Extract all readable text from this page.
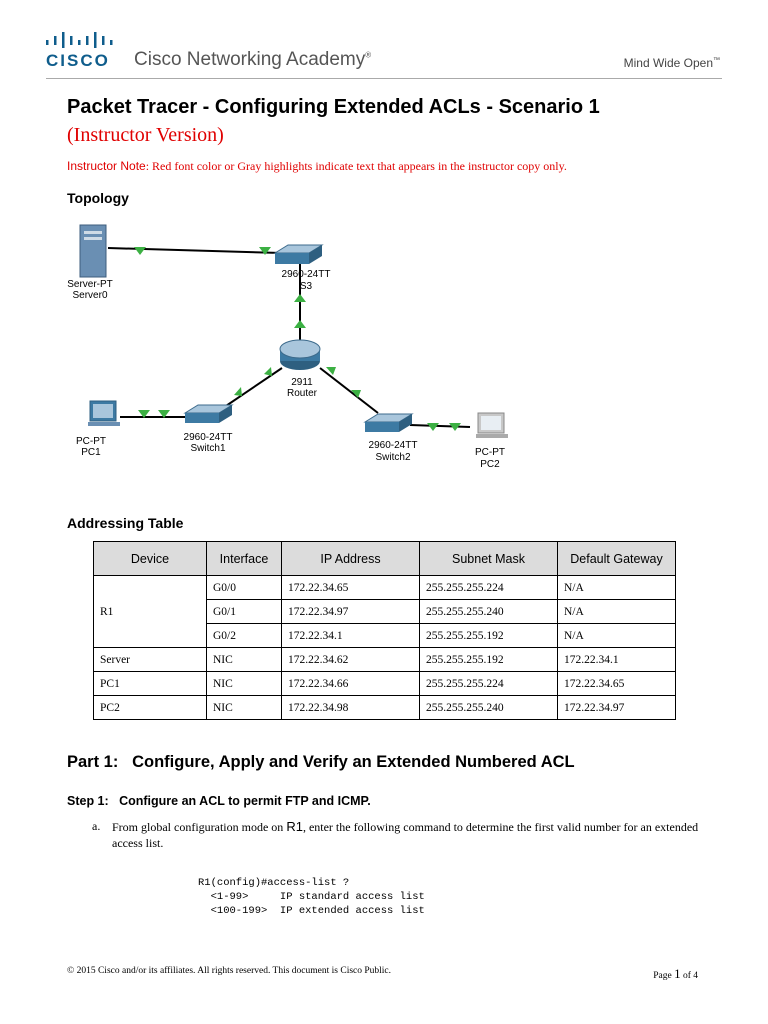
CISCO Cisco Networking Academy®
Mind Wide Open™
Packet Tracer - Configuring Extended ACLs - Scenario 1
(Instructor Version)
Instructor Note: Red font color or Gray highlights indicate text that appears in the instructor copy only.
Topology
Server-PT
Server0
2960-24TT
S3
2911
Router
PC-PT
PC1
2960-24TT
Switch1	2960-24TT
Switch2	PC-PT
PC2
Addressing Table
Device	Interface	IP Address	Subnet Mask	Default Gateway
R1	G0/0	172.22.34.65	255.255.255.224	N/A
	G0/1	172.22.34.97	255.255.255.240	N/A
	G0/2	172.22.34.1	255.255.255.192	N/A
Server	NIC	172.22.34.62	255.255.255.192	172.22.34.1
PC1	NIC	172.22.34.66	255.255.255.224	172.22.34.65
PC2	NIC	172.22.34.98	255.255.255.240	172.22.34.97
Part 1:   Configure, Apply and Verify an Extended Numbered ACL
Step 1:   Configure an ACL to permit FTP and ICMP.
a. From global configuration mode on R1, enter the following command to determine the first valid number for an extended access list.
R1(config)#access-list ?
<1-99>     IP standard access list
<100-199>  IP extended access list
© 2015 Cisco and/or its affiliates. All rights reserved. This document is Cisco Public.	Page 1 of 4
